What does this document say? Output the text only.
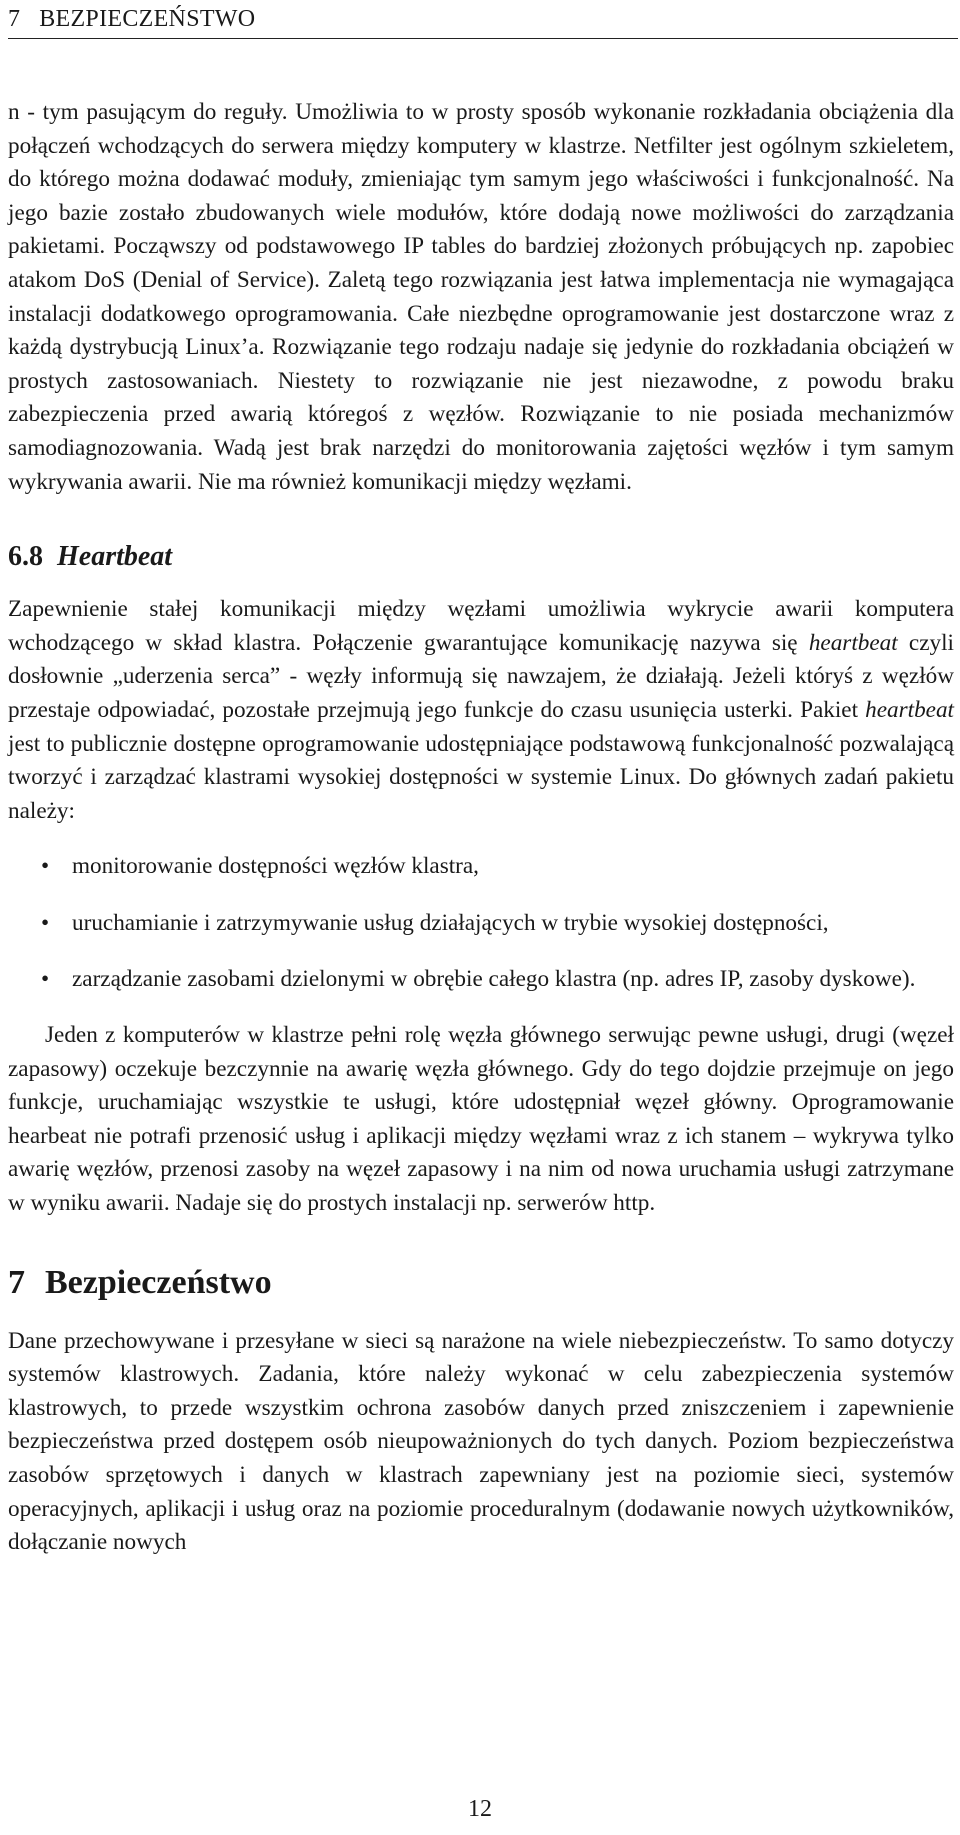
7   BEZPIECZEŃSTWO

n - tym pasującym do reguły. Umożliwia to w prosty sposób wykonanie rozkładania obciążenia dla połączeń wchodzących do serwera między komputery w klastrze. Netfilter jest ogólnym szkieletem, do którego można dodawać moduły, zmieniając tym samym jego właściwości i funkcjonalność. Na jego bazie zostało zbudowanych wiele modułów, które dodają nowe możliwości do zarządzania pakietami. Począwszy od podstawowego IP tables do bardziej złożonych próbujących np. zapobiec atakom DoS (Denial of Service). Zaletą tego rozwiązania jest łatwa implementacja nie wymagająca instalacji dodatkowego oprogramowania. Całe niezbędne oprogramowanie jest dostarczone wraz z każdą dystrybucją Linux’a. Rozwiązanie tego rodzaju nadaje się jedynie do rozkładania obciążeń w prostych zastosowaniach. Niestety to rozwiązanie nie jest niezawodne, z powodu braku zabezpieczenia przed awarią któregoś z węzłów. Rozwiązanie to nie posiada mechanizmów samodiagnozowania. Wadą jest brak narzędzi do monitorowania zajętości węzłów i tym samym wykrywania awarii. Nie ma również komunikacji między węzłami.

6.8 Heartbeat

Zapewnienie stałej komunikacji między węzłami umożliwia wykrycie awarii komputera wchodzącego w skład klastra. Połączenie gwarantujące komunikację nazywa się heartbeat czyli dosłownie „uderzenia serca” - węzły informują się nawzajem, że działają. Jeżeli któryś z węzłów przestaje odpowiadać, pozostałe przejmują jego funkcje do czasu usunięcia usterki. Pakiet heartbeat jest to publicznie dostępne oprogramowanie udostępniające podstawową funkcjonalność pozwalającą tworzyć i zarządzać klastrami wysokiej dostępności w systemie Linux. Do głównych zadań pakietu należy:

• monitorowanie dostępności węzłów klastra,
• uruchamianie i zatrzymywanie usług działających w trybie wysokiej dostępności,
• zarządzanie zasobami dzielonymi w obrębie całego klastra (np. adres IP, zasoby dyskowe).

Jeden z komputerów w klastrze pełni rolę węzła głównego serwując pewne usługi, drugi (węzeł zapasowy) oczekuje bezczynnie na awarię węzła głównego. Gdy do tego dojdzie przejmuje on jego funkcje, uruchamiając wszystkie te usługi, które udostępniał węzeł główny. Oprogramowanie hearbeat nie potrafi przenosić usług i aplikacji między węzłami wraz z ich stanem – wykrywa tylko awarię węzłów, przenosi zasoby na węzeł zapasowy i na nim od nowa uruchamia usługi zatrzymane w wyniku awarii. Nadaje się do prostych instalacji np. serwerów http.

7 Bezpieczeństwo

Dane przechowywane i przesyłane w sieci są narażone na wiele niebezpieczeństw. To samo dotyczy systemów klastrowych. Zadania, które należy wykonać w celu zabezpieczenia systemów klastrowych, to przede wszystkim ochrona zasobów danych przed zniszczeniem i zapewnienie bezpieczeństwa przed dostępem osób nieupoważnionych do tych danych. Poziom bezpieczeństwa zasobów sprzętowych i danych w klastrach zapewniany jest na poziomie sieci, systemów operacyjnych, aplikacji i usług oraz na poziomie proceduralnym (dodawanie nowych użytkowników, dołączanie nowych

12
